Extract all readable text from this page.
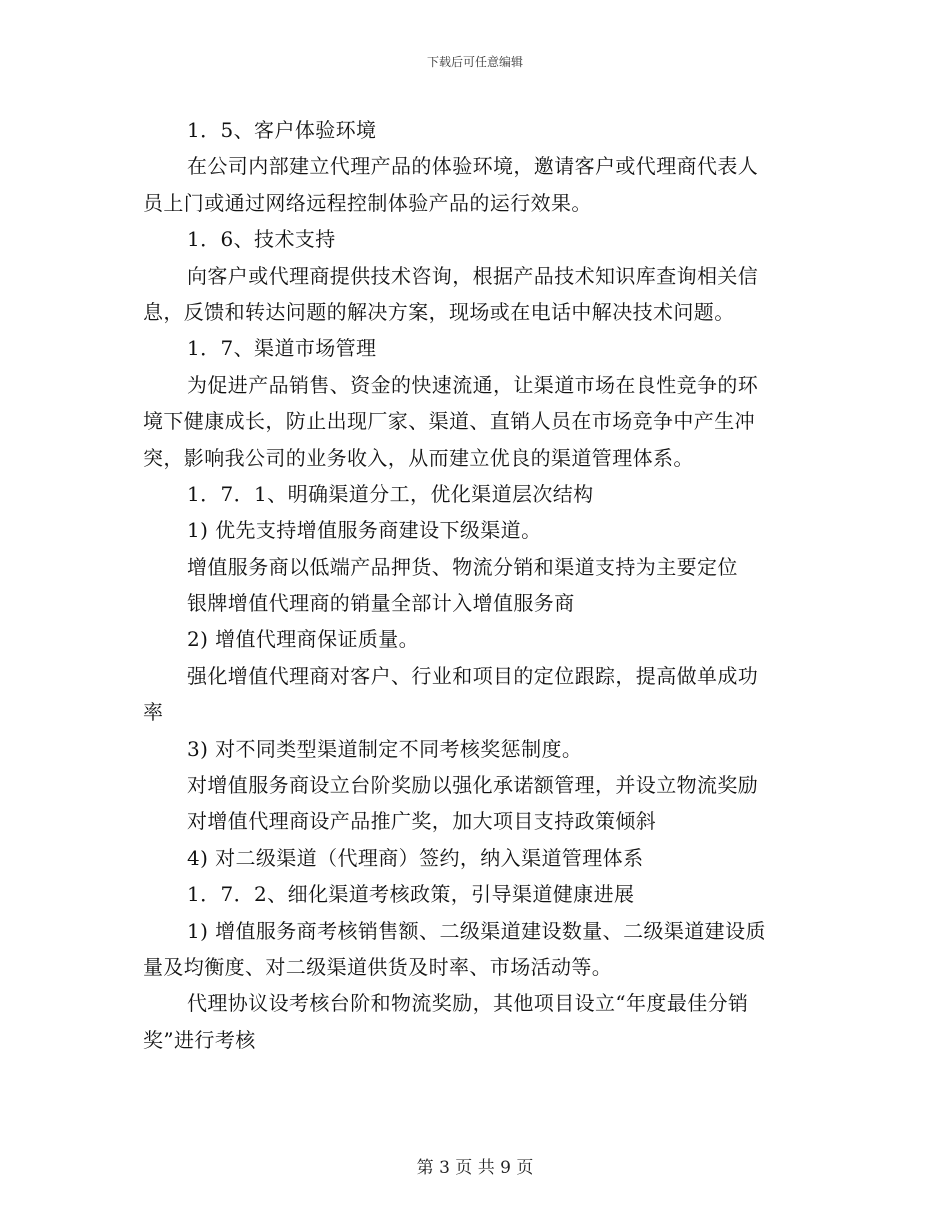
下载后可任意编辑
1．5、客户体验环境
在公司内部建立代理产品的体验环境，邀请客户或代理商代表人
员上门或通过网络远程控制体验产品的运行效果。
1．6、技术支持
向客户或代理商提供技术咨询，根据产品技术知识库查询相关信
息，反馈和转达问题的解决方案，现场或在电话中解决技术问题。
1．7、渠道市场管理
为促进产品销售、资金的快速流通，让渠道市场在良性竞争的环
境下健康成长，防止出现厂家、渠道、直销人员在市场竞争中产生冲
突，影响我公司的业务收入，从而建立优良的渠道管理体系。
1．7．1、明确渠道分工，优化渠道层次结构
1) 优先支持增值服务商建设下级渠道。
增值服务商以低端产品押货、物流分销和渠道支持为主要定位
银牌增值代理商的销量全部计入增值服务商
2) 增值代理商保证质量。
强化增值代理商对客户、行业和项目的定位跟踪，提高做单成功
率
3) 对不同类型渠道制定不同考核奖惩制度。
对增值服务商设立台阶奖励以强化承诺额管理，并设立物流奖励
对增值代理商设产品推广奖，加大项目支持政策倾斜
4) 对二级渠道（代理商）签约，纳入渠道管理体系
1．7．2、细化渠道考核政策，引导渠道健康进展
1) 增值服务商考核销售额、二级渠道建设数量、二级渠道建设质
量及均衡度、对二级渠道供货及时率、市场活动等。
代理协议设考核台阶和物流奖励，其他项目设立“年度最佳分销
奖”进行考核
第 3 页 共 9 页
